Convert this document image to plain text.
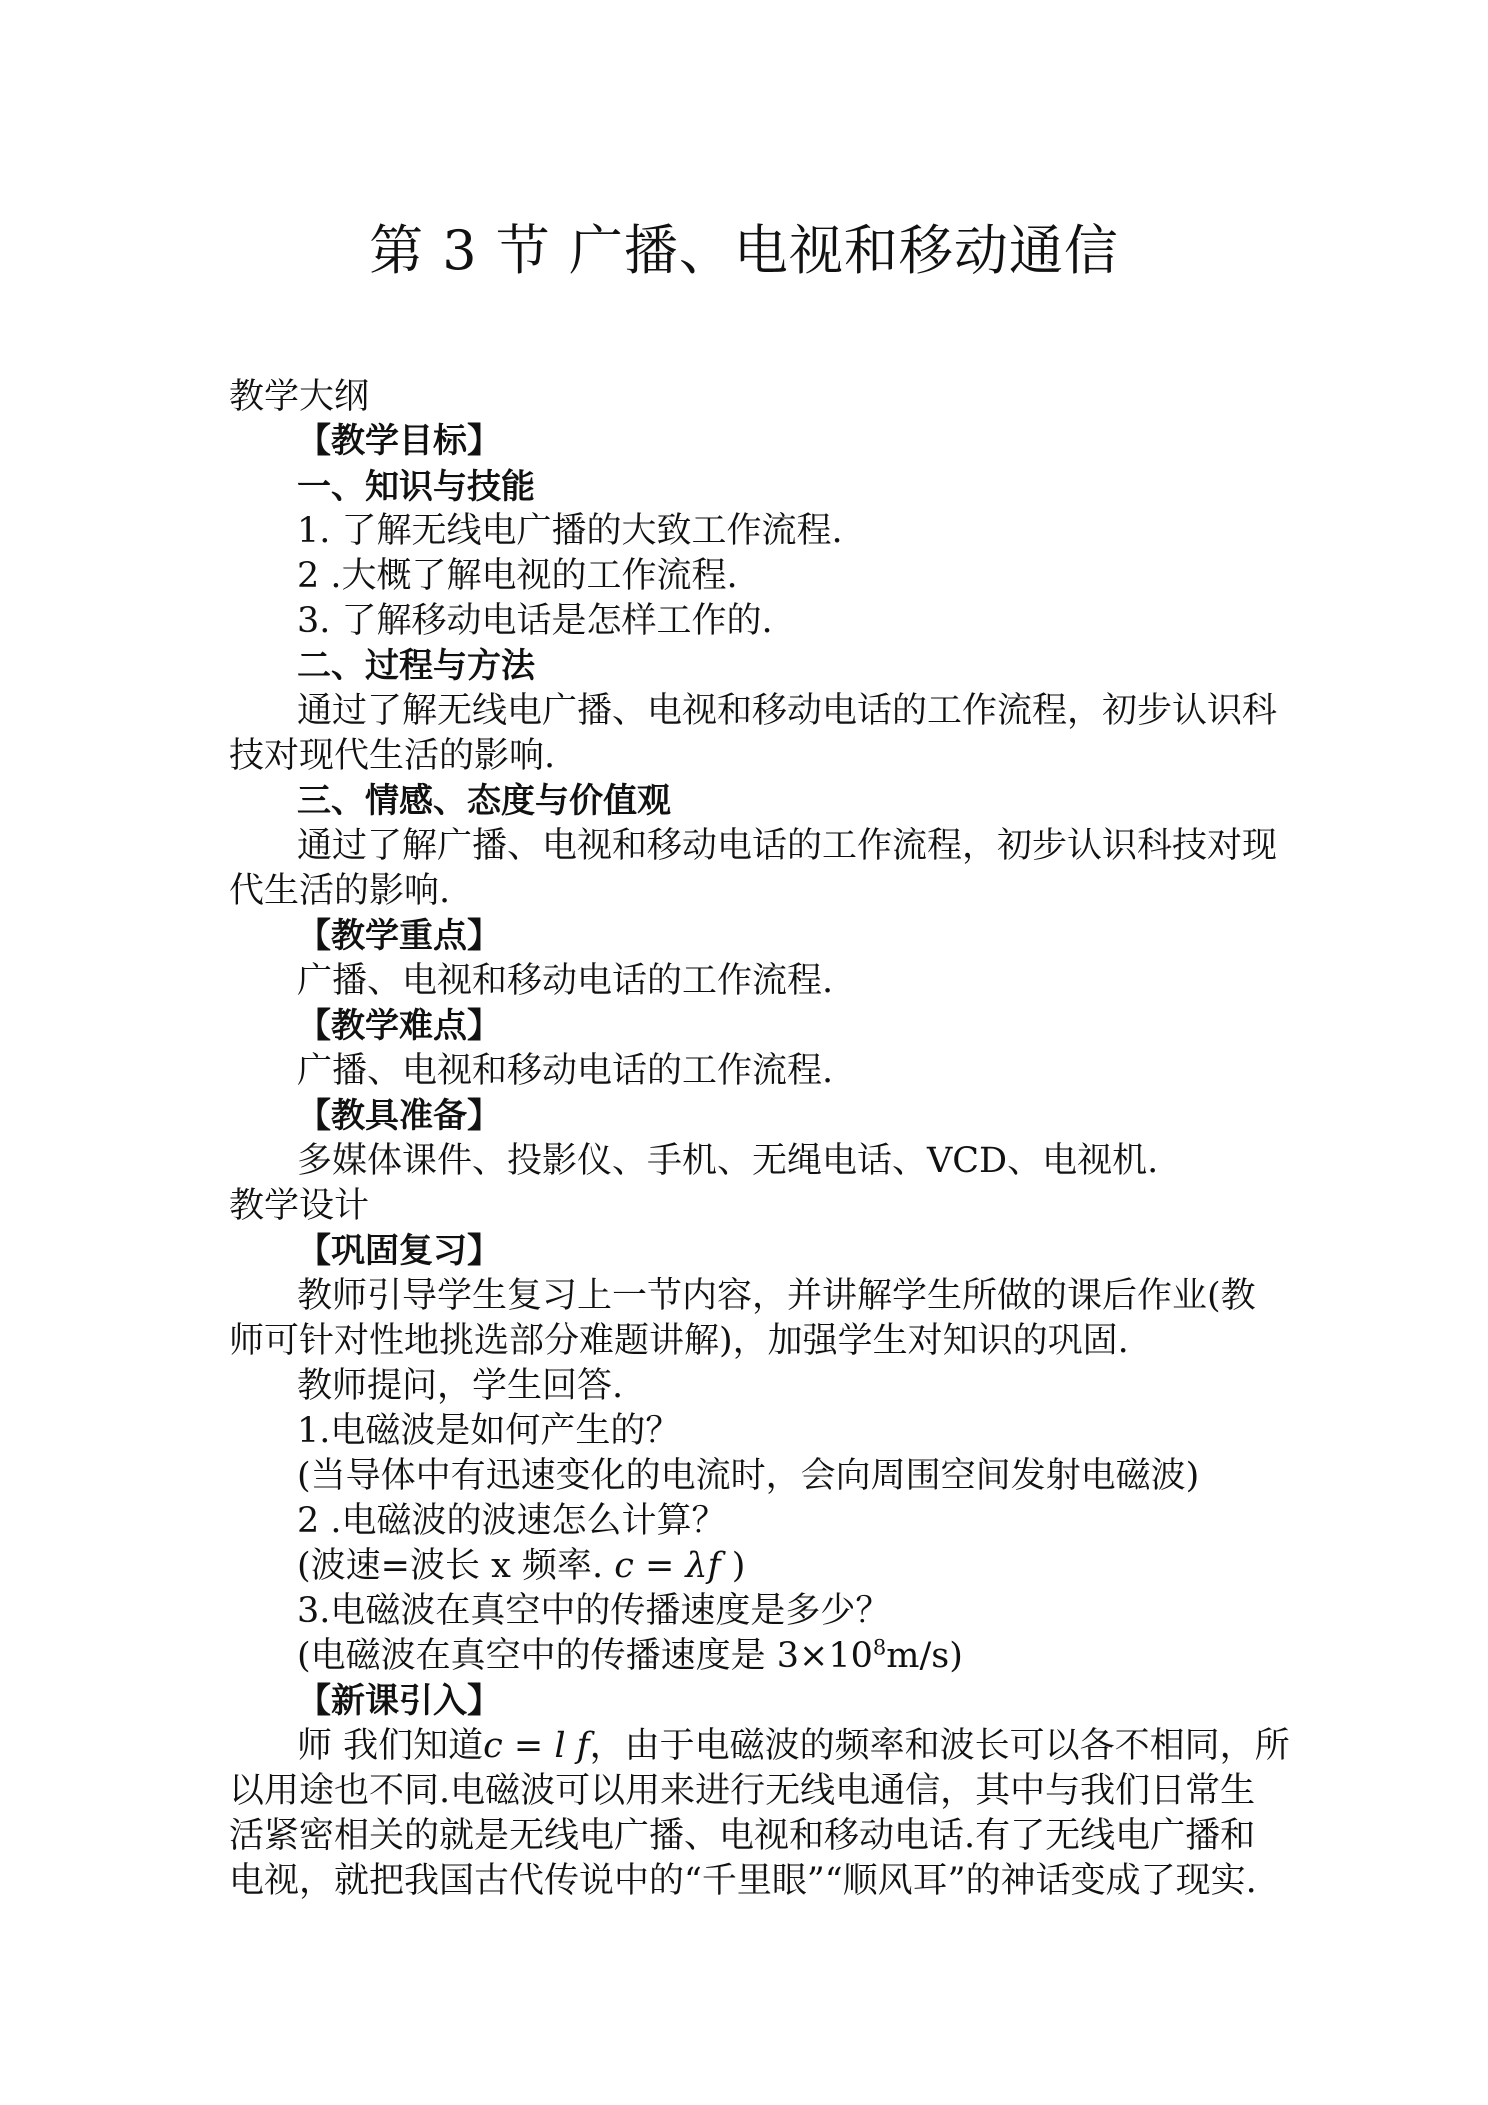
第 3 节 广播、电视和移动通信
教学大纲
【教学目标】
一、知识与技能
1. 了解无线电广播的大致工作流程.
2 .大概了解电视的工作流程.
3. 了解移动电话是怎样工作的.
二、过程与方法
通过了解无线电广播、电视和移动电话的工作流程，初步认识科
技对现代生活的影响.
三、情感、态度与价值观
通过了解广播、电视和移动电话的工作流程，初步认识科技对现
代生活的影响.
【教学重点】
广播、电视和移动电话的工作流程.
【教学难点】
广播、电视和移动电话的工作流程.
【教具准备】
多媒体课件、投影仪、手机、无绳电话、VCD、电视机.
教学设计
【巩固复习】
教师引导学生复习上一节内容，并讲解学生所做的课后作业(教
师可针对性地挑选部分难题讲解)，加强学生对知识的巩固.
教师提问，学生回答.
1.电磁波是如何产生的？
(当导体中有迅速变化的电流时，会向周围空间发射电磁波)
2 .电磁波的波速怎么计算？
(波速=波长 x 频率. c = λf )
3.电磁波在真空中的传播速度是多少？
(电磁波在真空中的传播速度是 $3\times 10^8m/s$)
【新课引入】
师 我们知道c = l f，由于电磁波的频率和波长可以各不相同，所
以用途也不同.电磁波可以用来进行无线电通信，其中与我们日常生
活紧密相关的就是无线电广播、电视和移动电话.有了无线电广播和
电视，就把我国古代传说中的“千里眼”“顺风耳”的神话变成了现实.
